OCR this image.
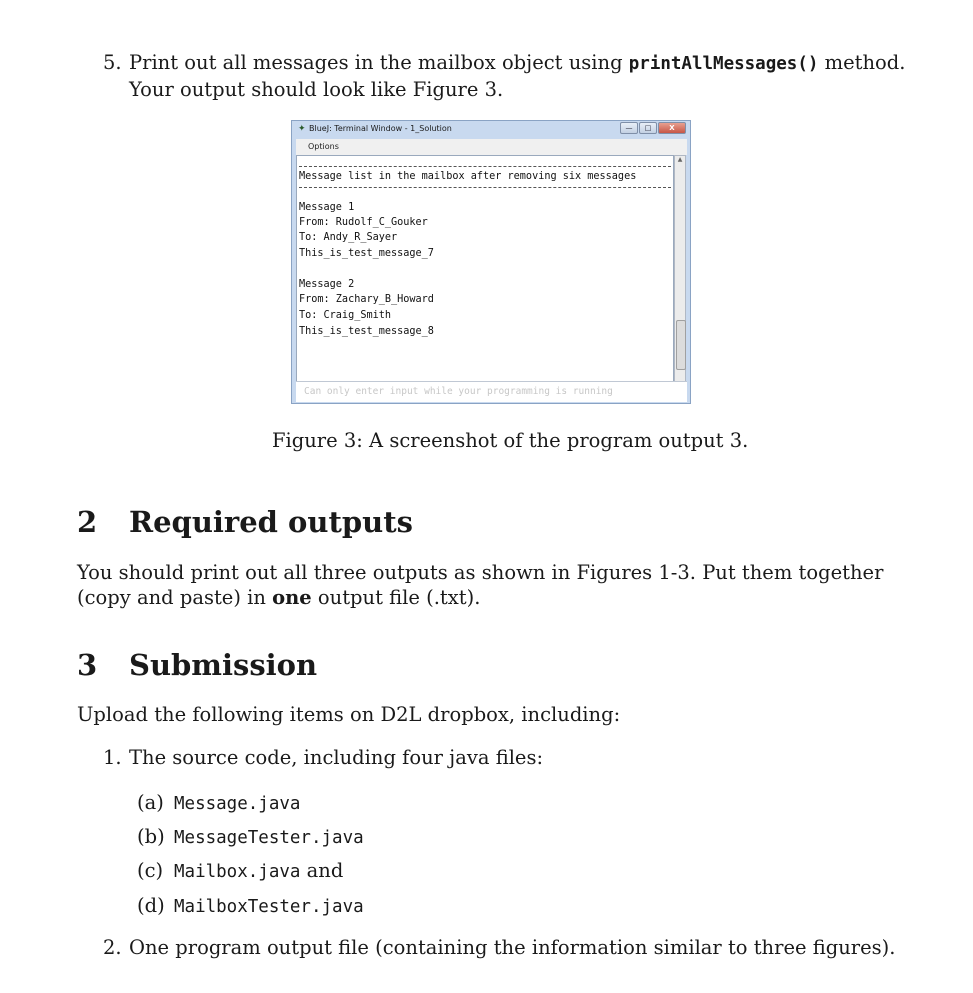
5. Print out all messages in the mailbox object using printAllMessages() method. Your output should look like Figure 3.
✦ BlueJ: Terminal Window - 1_Solution	—	□	X
Options
Message list in the mailbox after removing six messages
Message 1
From: Rudolf_C_Gouker
To: Andy_R_Sayer
This_is_test_message_7
Message 2
From: Zachary_B_Howard
To: Craig_Smith
This_is_test_message_8
▲
Can only enter input while your programming is running
Figure 3: A screenshot of the program output 3.
2 Required outputs
You should print out all three outputs as shown in Figures 1-3. Put them together (copy and paste) in one output file (.txt).
3 Submission
Upload the following items on D2L dropbox, including:
1. The source code, including four java files:
(a) Message.java
(b) MessageTester.java
(c) Mailbox.java and
(d) MailboxTester.java
2. One program output file (containing the information similar to three figures).
